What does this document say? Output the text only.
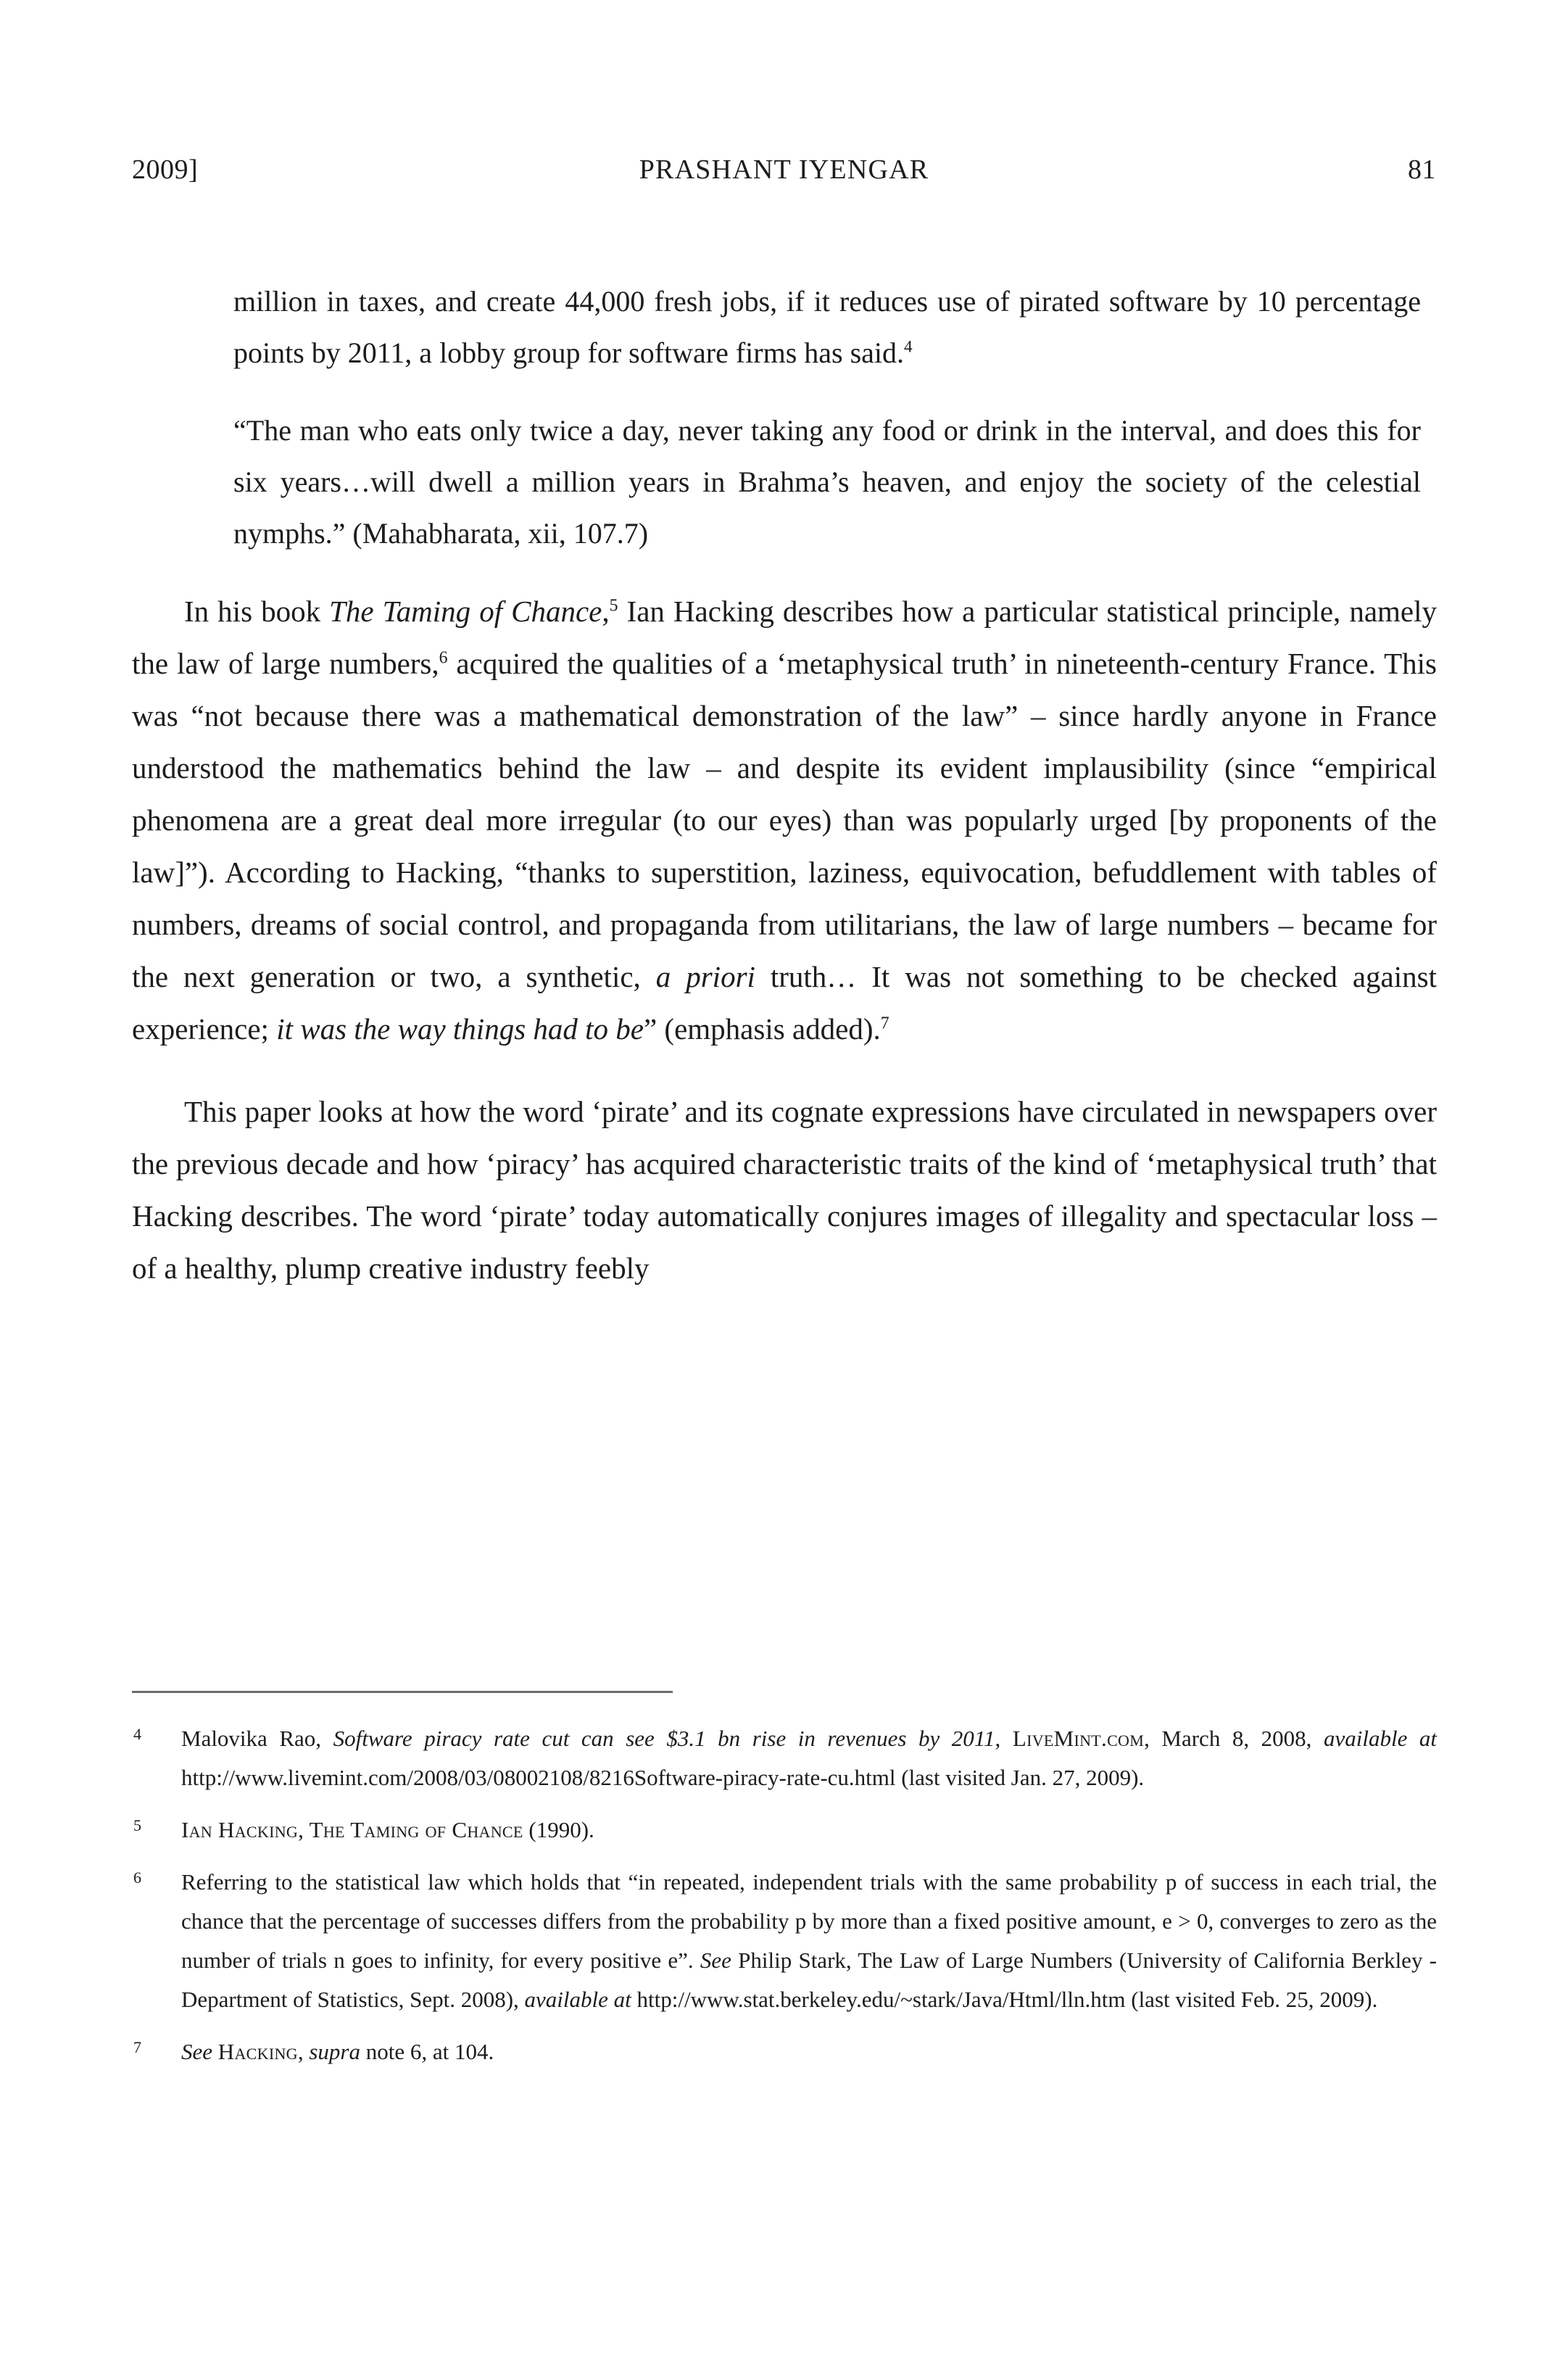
2009]	PRASHANT IYENGAR	81

million in taxes, and create 44,000 fresh jobs, if it reduces use of pirated software by 10 percentage points by 2011, a lobby group for software firms has said.$^4$

“The man who eats only twice a day, never taking any food or drink in the interval, and does this for six years…will dwell a million years in Brahma’s heaven, and enjoy the society of the celestial nymphs.” (Mahabharata, xii, 107.7)

In his book The Taming of Chance,$^5$ Ian Hacking describes how a particular statistical principle, namely the law of large numbers,$^6$ acquired the qualities of a ‘metaphysical truth’ in nineteenth-century France. This was “not because there was a mathematical demonstration of the law” – since hardly anyone in France understood the mathematics behind the law – and despite its evident implausibility (since “empirical phenomena are a great deal more irregular (to our eyes) than was popularly urged [by proponents of the law]”). According to Hacking, “thanks to superstition, laziness, equivocation, befuddlement with tables of numbers, dreams of social control, and propaganda from utilitarians, the law of large numbers – became for the next generation or two, a synthetic, a priori truth… It was not something to be checked against experience; it was the way things had to be” (emphasis added).$^7$

This paper looks at how the word ‘pirate’ and its cognate expressions have circulated in newspapers over the previous decade and how ‘piracy’ has acquired characteristic traits of the kind of ‘metaphysical truth’ that Hacking describes. The word ‘pirate’ today automatically conjures images of illegality and spectacular loss – of a healthy, plump creative industry feebly

4 Malovika Rao, Software piracy rate cut can see $3.1 bn rise in revenues by 2011, LiveMint.com, March 8, 2008, available at http://www.livemint.com/2008/03/08002108/8216Software-piracy-rate-cu.html (last visited Jan. 27, 2009).
5 Ian Hacking, The Taming of Chance (1990).
6 Referring to the statistical law which holds that “in repeated, independent trials with the same probability p of success in each trial, the chance that the percentage of successes differs from the probability p by more than a fixed positive amount, e > 0, converges to zero as the number of trials n goes to infinity, for every positive e”. See Philip Stark, The Law of Large Numbers (University of California Berkley - Department of Statistics, Sept. 2008), available at http://www.stat.berkeley.edu/~stark/Java/Html/lln.htm (last visited Feb. 25, 2009).
7 See Hacking, supra note 6, at 104.
